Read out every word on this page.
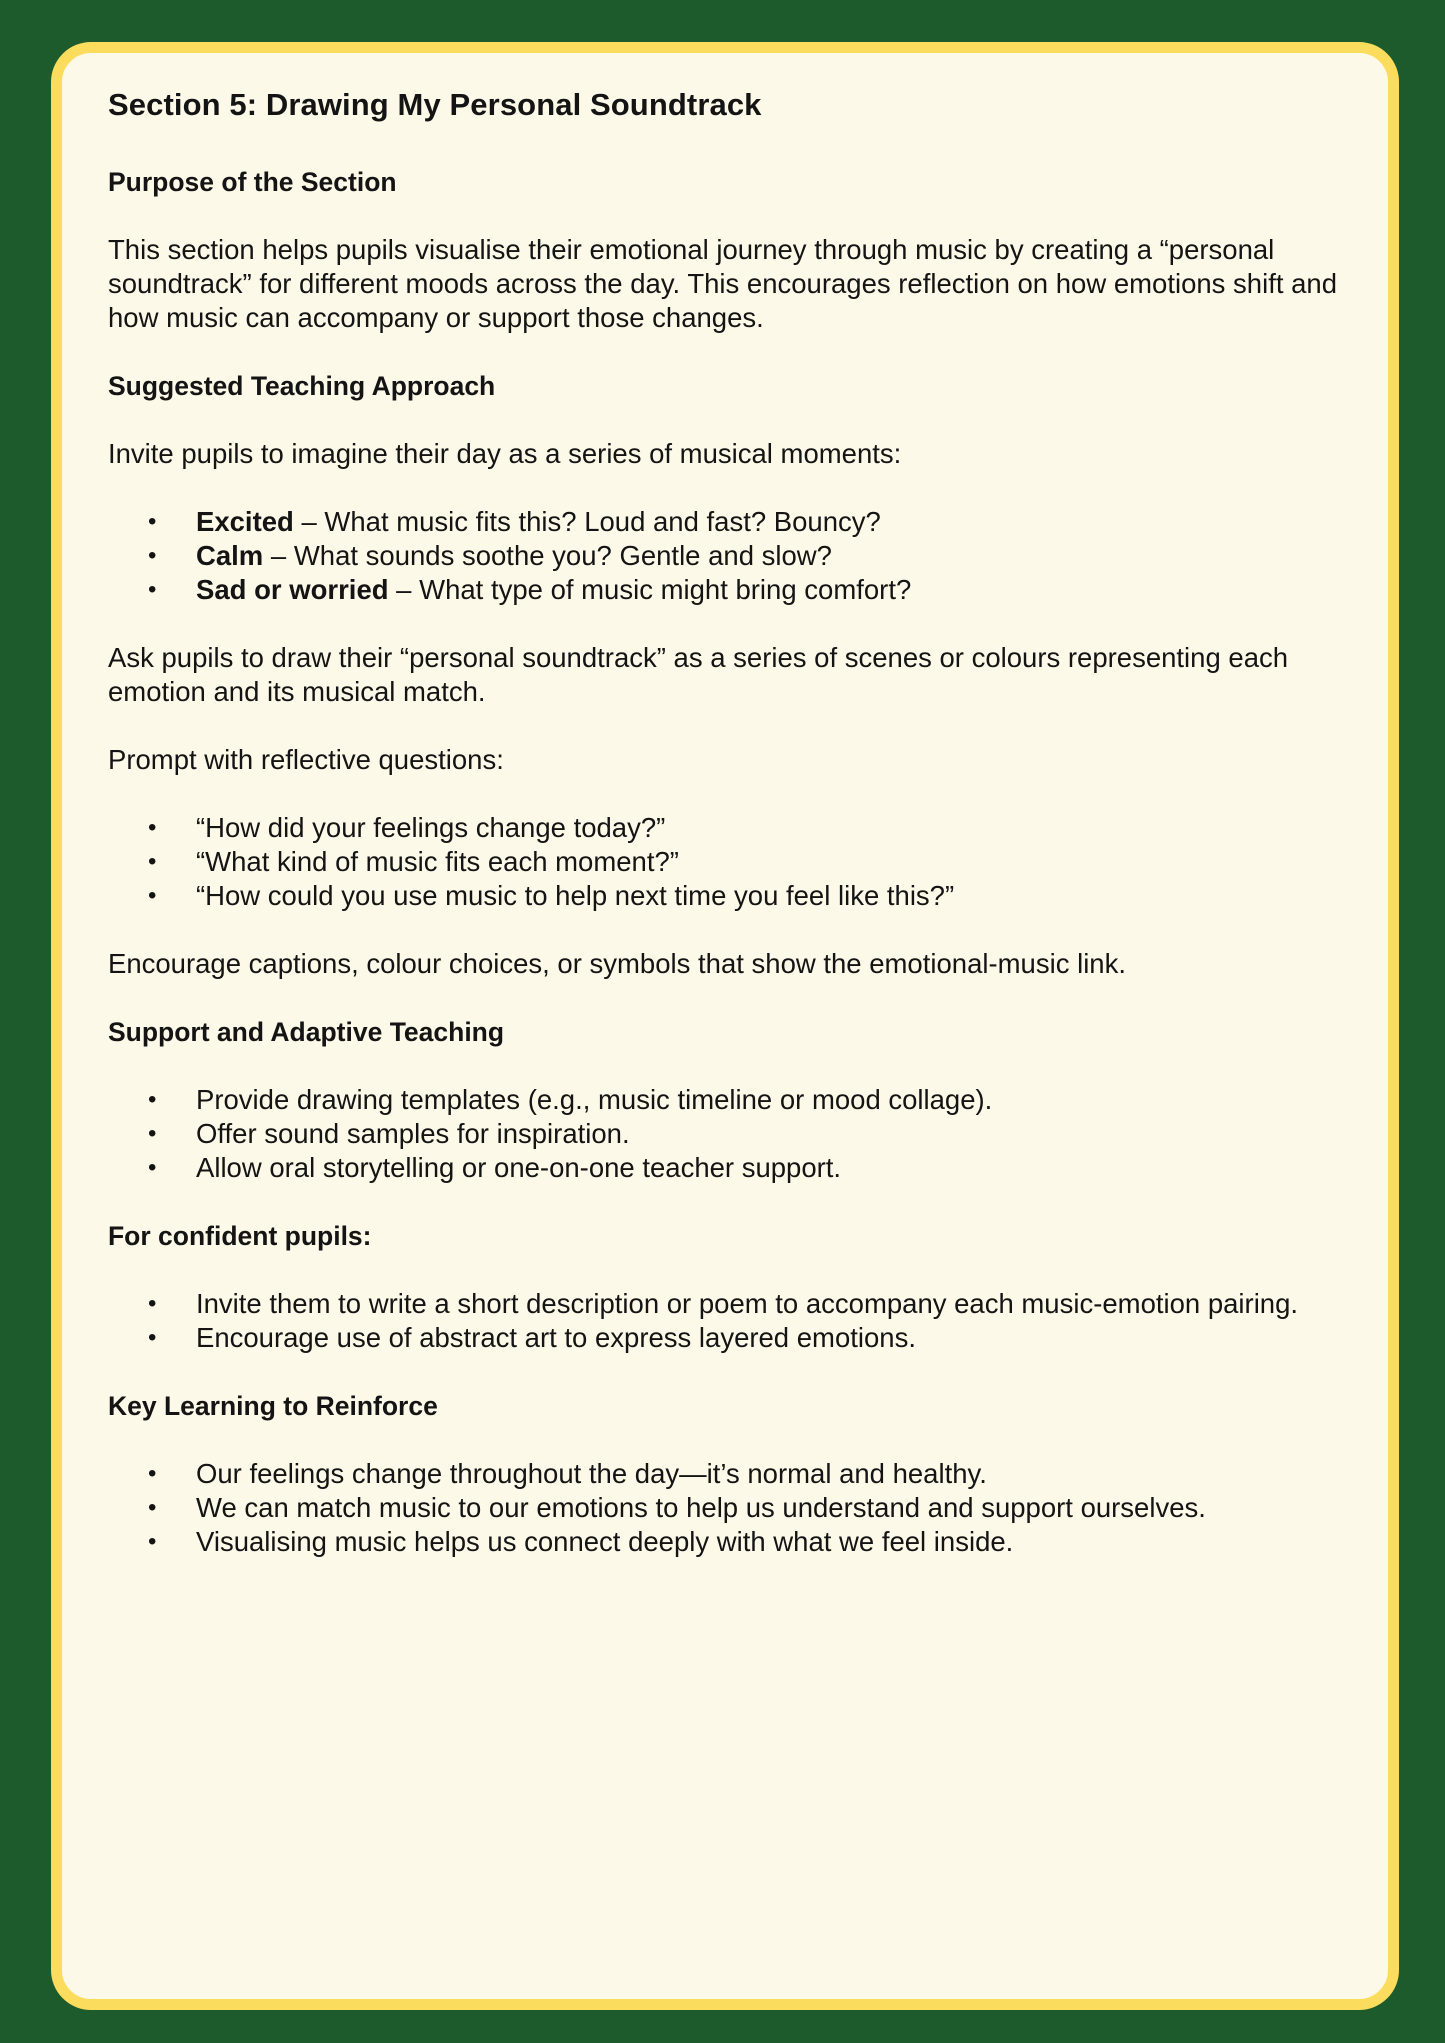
Section 5: Drawing My Personal Soundtrack
Purpose of the Section

This section helps pupils visualise their emotional journey through music by creating a “personal soundtrack” for different moods across the day. This encourages reflection on how emotions shift and how music can accompany or support those changes.

Suggested Teaching Approach

Invite pupils to imagine their day as a series of musical moments:

• Excited – What music fits this? Loud and fast? Bouncy?
• Calm – What sounds soothe you? Gentle and slow?
• Sad or worried – What type of music might bring comfort?

Ask pupils to draw their “personal soundtrack” as a series of scenes or colours representing each emotion and its musical match.

Prompt with reflective questions:

• “How did your feelings change today?”
• “What kind of music fits each moment?”
• “How could you use music to help next time you feel like this?”

Encourage captions, colour choices, or symbols that show the emotional-music link.

Support and Adaptive Teaching
• Provide drawing templates (e.g., music timeline or mood collage).
• Offer sound samples for inspiration.
• Allow oral storytelling or one-on-one teacher support.
For confident pupils:
• Invite them to write a short description or poem to accompany each music-emotion pairing.
• Encourage use of abstract art to express layered emotions.
Key Learning to Reinforce
• Our feelings change throughout the day—it’s normal and healthy.
• We can match music to our emotions to help us understand and support ourselves.
• Visualising music helps us connect deeply with what we feel inside.
